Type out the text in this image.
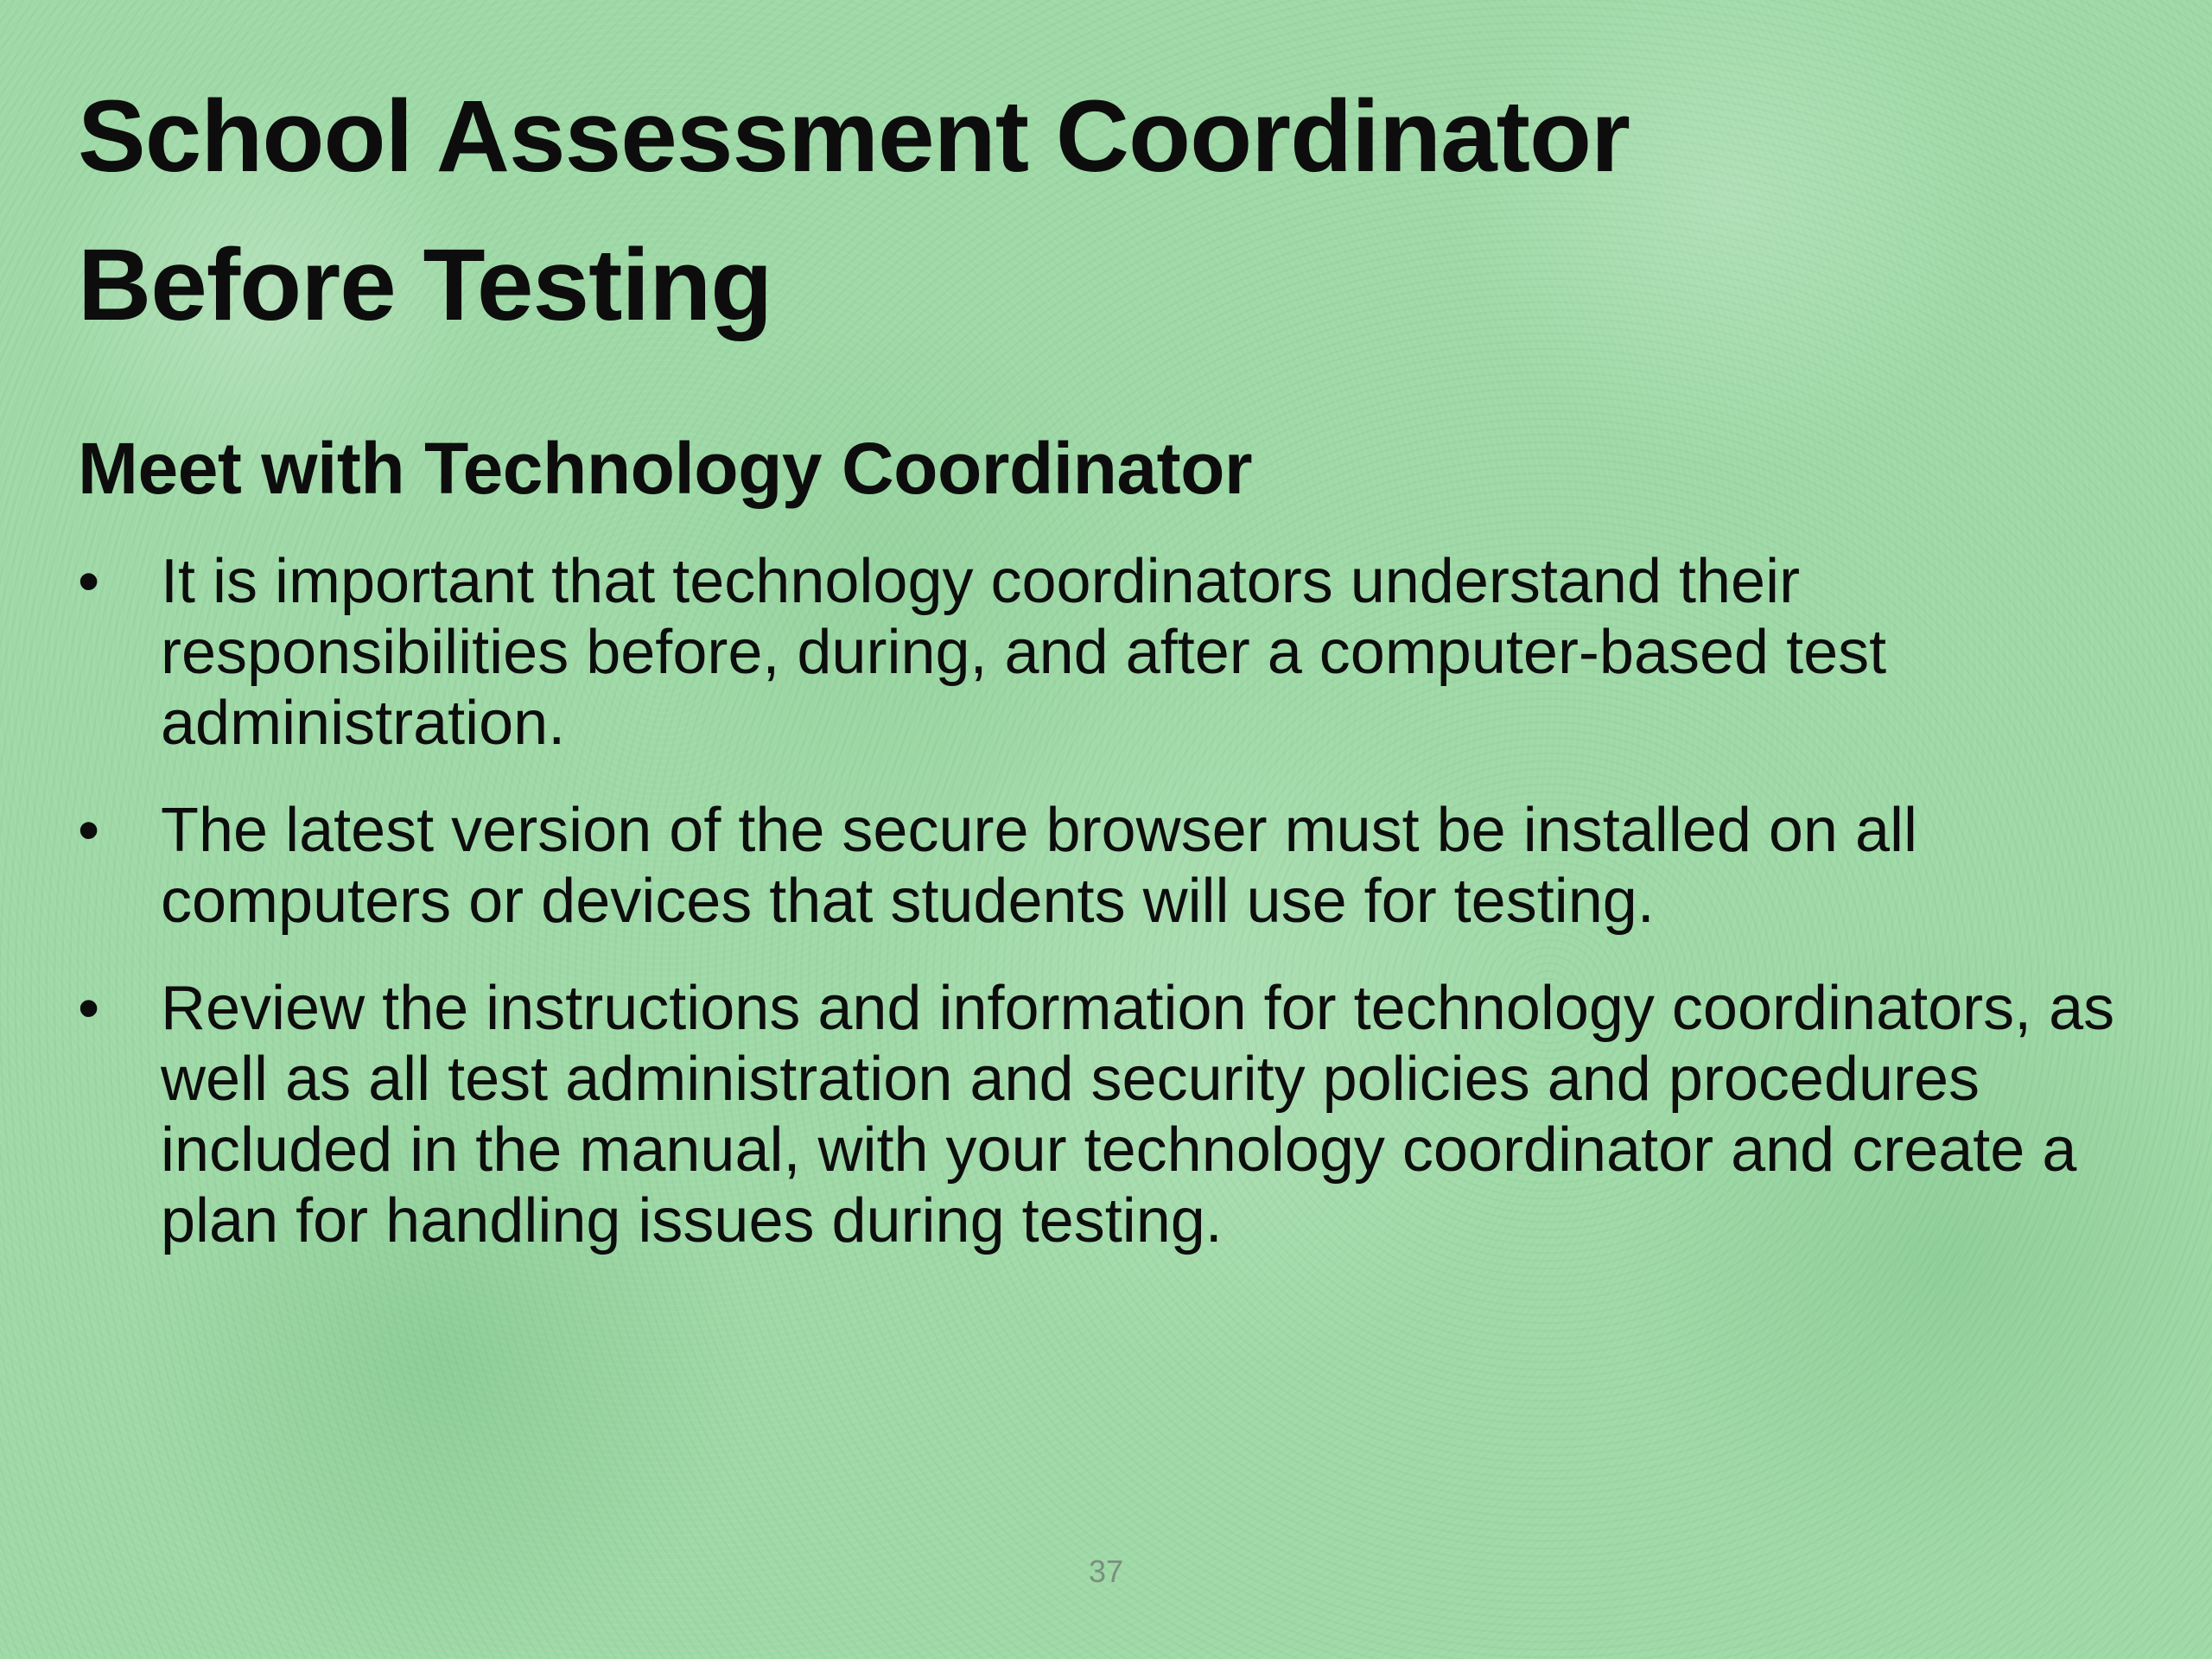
School Assessment Coordinator
Before Testing
Meet with Technology Coordinator
• It is important that technology coordinators understand their responsibilities before, during, and after a computer-based test administration.
• The latest version of the secure browser must be installed on all computers or devices that students will use for testing.
• Review the instructions and information for technology coordinators, as well as all test administration and security policies and procedures included in the manual, with your technology coordinator and create a plan for handling issues during testing.
37
